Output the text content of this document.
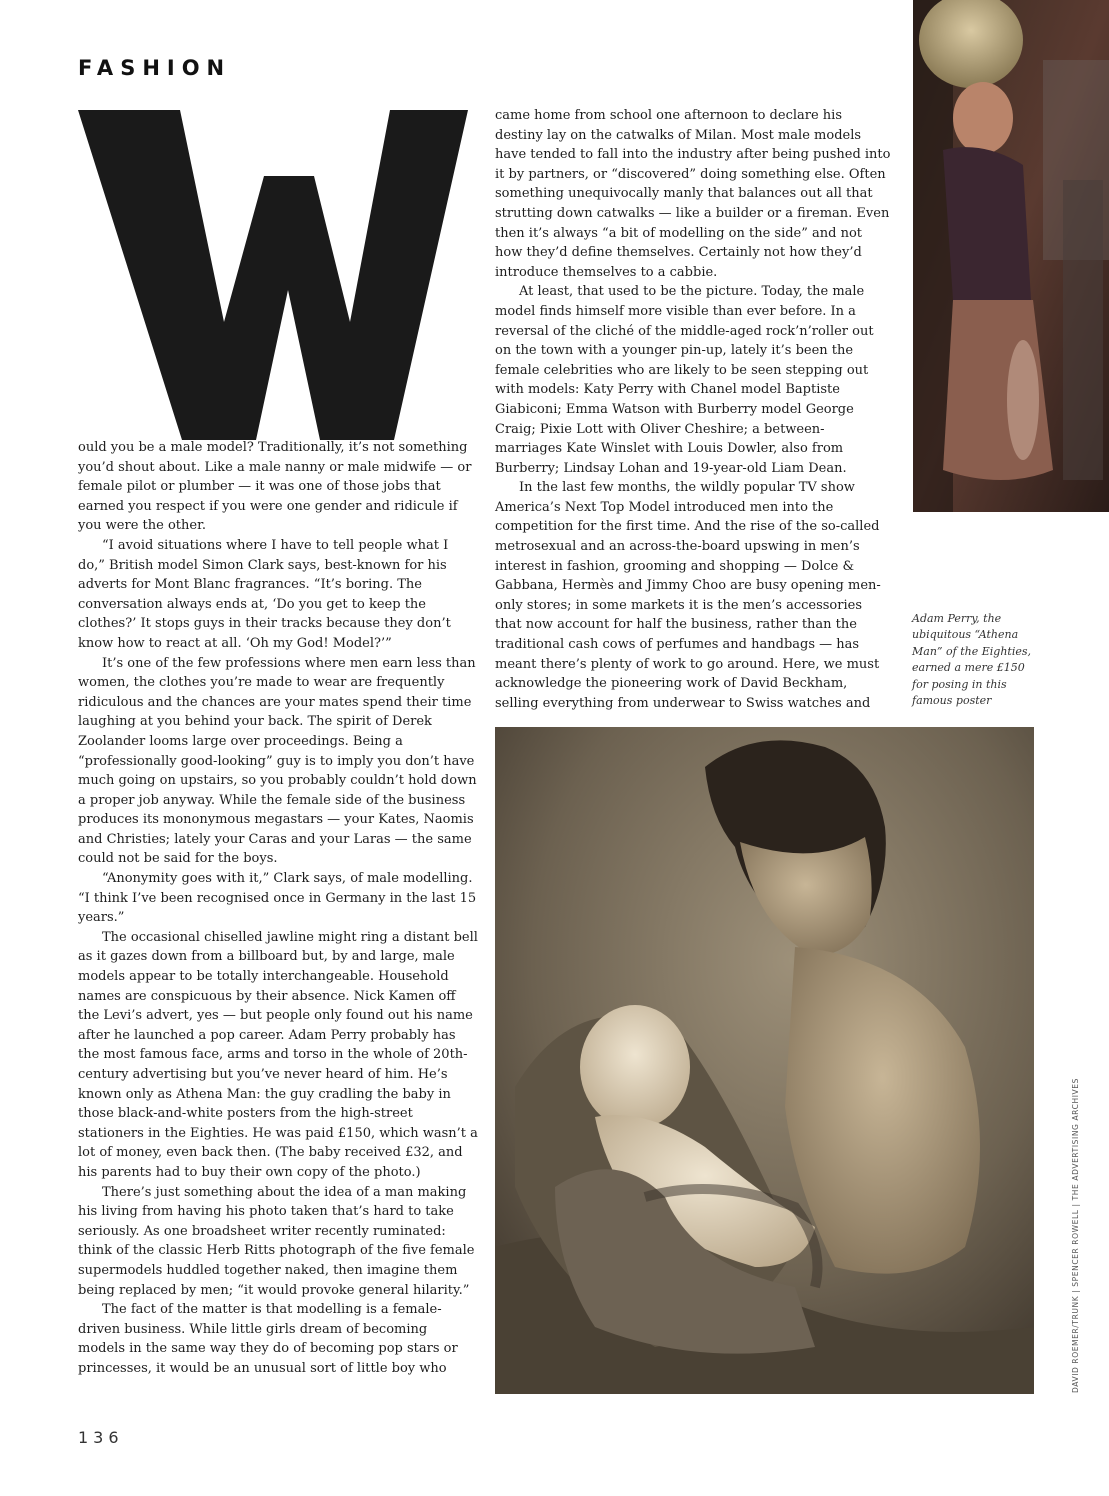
FASHION

ould you be a male model? Traditionally, it’s not something you’d shout about. Like a male nanny or male midwife — or female pilot or plumber — it was one of those jobs that earned you respect if you were one gender and ridicule if you were the other.

“I avoid situations where I have to tell people what I do,” British model Simon Clark says, best-known for his adverts for Mont Blanc fragrances. “It’s boring. The conversation always ends at, ‘Do you get to keep the clothes?’ It stops guys in their tracks because they don’t know how to react at all. ‘Oh my God! Model?’”

It’s one of the few professions where men earn less than women, the clothes you’re made to wear are frequently ridiculous and the chances are your mates spend their time laughing at you behind your back. The spirit of Derek Zoolander looms large over proceedings. Being a “professionally good-looking” guy is to imply you don’t have much going on upstairs, so you probably couldn’t hold down a proper job anyway. While the female side of the business produces its mononymous megastars — your Kates, Naomis and Christies; lately your Caras and your Laras — the same could not be said for the boys.

“Anonymity goes with it,” Clark says, of male modelling. “I think I’ve been recognised once in Germany in the last 15 years.”

The occasional chiselled jawline might ring a distant bell as it gazes down from a billboard but, by and large, male models appear to be totally interchangeable. Household names are conspicuous by their absence. Nick Kamen off the Levi’s advert, yes — but people only found out his name after he launched a pop career. Adam Perry probably has the most famous face, arms and torso in the whole of 20th-century advertising but you’ve never heard of him. He’s known only as Athena Man: the guy cradling the baby in those black-and-white posters from the high-street stationers in the Eighties. He was paid £150, which wasn’t a lot of money, even back then. (The baby received £32, and his parents had to buy their own copy of the photo.)

There’s just something about the idea of a man making his living from having his photo taken that’s hard to take seriously. As one broadsheet writer recently ruminated: think of the classic Herb Ritts photograph of the five female supermodels huddled together naked, then imagine them being replaced by men; “it would provoke general hilarity.”

The fact of the matter is that modelling is a female-driven business. While little girls dream of becoming models in the same way they do of becoming pop stars or princesses, it would be an unusual sort of little boy who

came home from school one afternoon to declare his destiny lay on the catwalks of Milan. Most male models have tended to fall into the industry after being pushed into it by partners, or “discovered” doing something else. Often something unequivocally manly that balances out all that strutting down catwalks — like a builder or a fireman. Even then it’s always “a bit of modelling on the side” and not how they’d define themselves. Certainly not how they’d introduce themselves to a cabbie.

At least, that used to be the picture. Today, the male model finds himself more visible than ever before. In a reversal of the cliché of the middle-aged rock’n’roller out on the town with a younger pin-up, lately it’s been the female celebrities who are likely to be seen stepping out with models: Katy Perry with Chanel model Baptiste Giabiconi; Emma Watson with Burberry model George Craig; Pixie Lott with Oliver Cheshire; a between-marriages Kate Winslet with Louis Dowler, also from Burberry; Lindsay Lohan and 19-year-old Liam Dean.

In the last few months, the wildly popular TV show America’s Next Top Model introduced men into the competition for the first time. And the rise of the so-called metrosexual and an across-the-board upswing in men’s interest in fashion, grooming and shopping — Dolce & Gabbana, Hermès and Jimmy Choo are busy opening men-only stores; in some markets it is the men’s accessories that now account for half the business, rather than the traditional cash cows of perfumes and handbags — has meant there’s plenty of work to go around. Here, we must acknowledge the pioneering work of David Beckham, selling everything from underwear to Swiss watches and

Adam Perry, the ubiquitous “Athena Man” of the Eighties, earned a mere £150 for posing in this famous poster

DAVID ROEMER/TRUNK | SPENCER ROWELL | THE ADVERTISING ARCHIVES

136
